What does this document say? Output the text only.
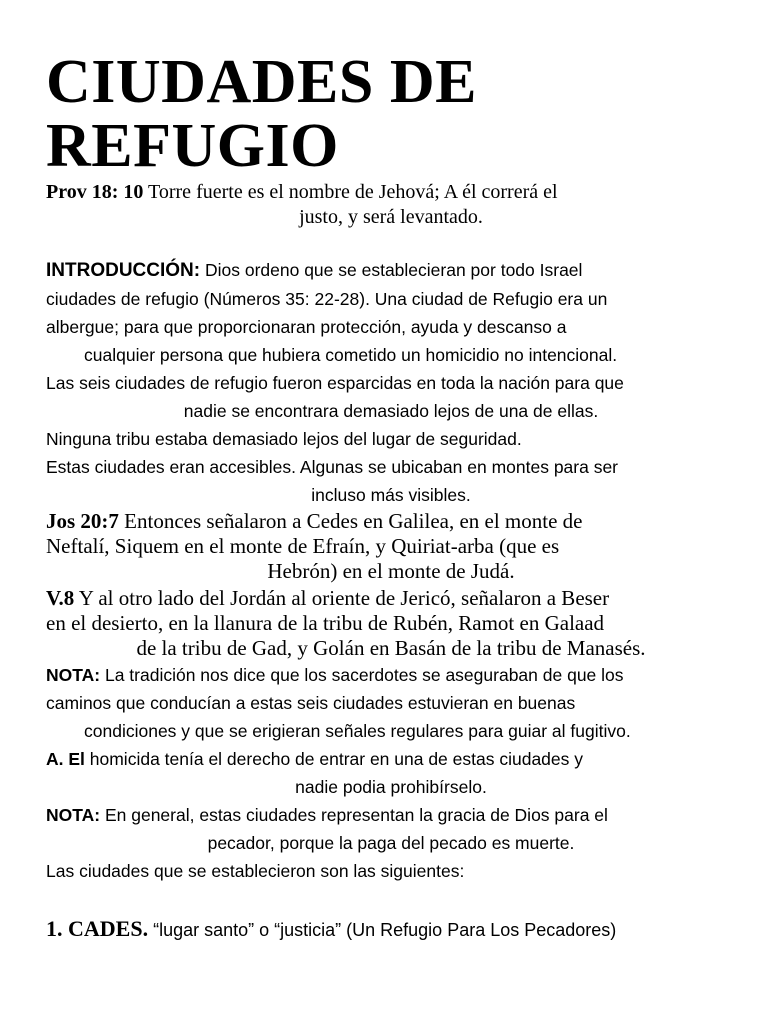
CIUDADES DE
REFUGIO

Prov 18: 10 Torre fuerte es el nombre de Jehová; A él correrá el

justo, y será levantado.

INTRODUCCIÓN: Dios ordeno que se establecieran por todo Israel

ciudades de refugio (Números 35: 22-28). Una ciudad de Refugio era un

albergue; para que proporcionaran protección, ayuda y descanso a

cualquier persona que hubiera cometido un homicidio no intencional.

Las seis ciudades de refugio fueron esparcidas en toda la nación para que

nadie se encontrara demasiado lejos de una de ellas.

Ninguna tribu estaba demasiado lejos del lugar de seguridad.

Estas ciudades eran accesibles. Algunas se ubicaban en montes para ser

incluso más visibles.

Jos 20:7 Entonces señalaron a Cedes en Galilea, en el monte de

Neftalí, Siquem en el monte de Efraín, y Quiriat-arba (que es

Hebrón) en el monte de Judá.

V.8 Y al otro lado del Jordán al oriente de Jericó, señalaron a Beser

en el desierto, en la llanura de la tribu de Rubén, Ramot en Galaad

de la tribu de Gad, y Golán en Basán de la tribu de Manasés.

NOTA: La tradición nos dice que los sacerdotes se aseguraban de que los

caminos que conducían a estas seis ciudades estuvieran en buenas

condiciones y que se erigieran señales regulares para guiar al fugitivo.

A. El homicida tenía el derecho de entrar en una de estas ciudades y

nadie podia prohibírselo.

NOTA: En general, estas ciudades representan la gracia de Dios para el

pecador, porque la paga del pecado es muerte.

Las ciudades que se establecieron son las siguientes:

1. CADES. “lugar santo” o “justicia” (Un Refugio Para Los Pecadores)
